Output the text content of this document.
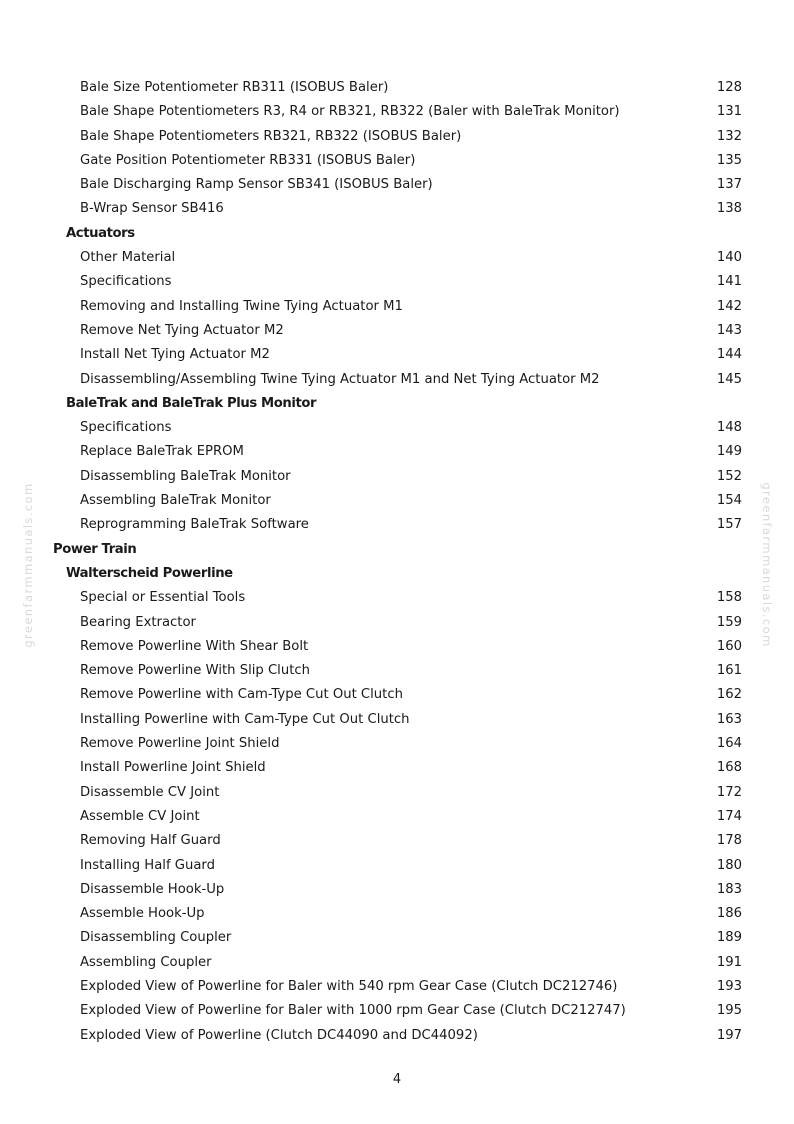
Bale Size Potentiometer RB311 (ISOBUS Baler)	128
Bale Shape Potentiometers R3, R4 or RB321, RB322 (Baler with BaleTrak Monitor)	131
Bale Shape Potentiometers RB321, RB322 (ISOBUS Baler)	132
Gate Position Potentiometer RB331 (ISOBUS Baler)	135
Bale Discharging Ramp Sensor SB341 (ISOBUS Baler)	137
B-Wrap Sensor SB416	138
Actuators
Other Material	140
Specifications	141
Removing and Installing Twine Tying Actuator M1	142
Remove Net Tying Actuator M2	143
Install Net Tying Actuator M2	144
Disassembling/Assembling Twine Tying Actuator M1 and Net Tying Actuator M2	145
BaleTrak and BaleTrak Plus Monitor
Specifications	148
Replace BaleTrak EPROM	149
Disassembling BaleTrak Monitor	152
Assembling BaleTrak Monitor	154
Reprogramming BaleTrak Software	157
Power Train
Walterscheid Powerline
Special or Essential Tools	158
Bearing Extractor	159
Remove Powerline With Shear Bolt	160
Remove Powerline With Slip Clutch	161
Remove Powerline with Cam-Type Cut Out Clutch	162
Installing Powerline with Cam-Type Cut Out Clutch	163
Remove Powerline Joint Shield	164
Install Powerline Joint Shield	168
Disassemble CV Joint	172
Assemble CV Joint	174
Removing Half Guard	178
Installing Half Guard	180
Disassemble Hook-Up	183
Assemble Hook-Up	186
Disassembling Coupler	189
Assembling Coupler	191
Exploded View of Powerline for Baler with 540 rpm Gear Case (Clutch DC212746)	193
Exploded View of Powerline for Baler with 1000 rpm Gear Case (Clutch DC212747)	195
Exploded View of Powerline (Clutch DC44090 and DC44092)	197
4
greenfarmmanuals.com	greenfarmmanuals.com
